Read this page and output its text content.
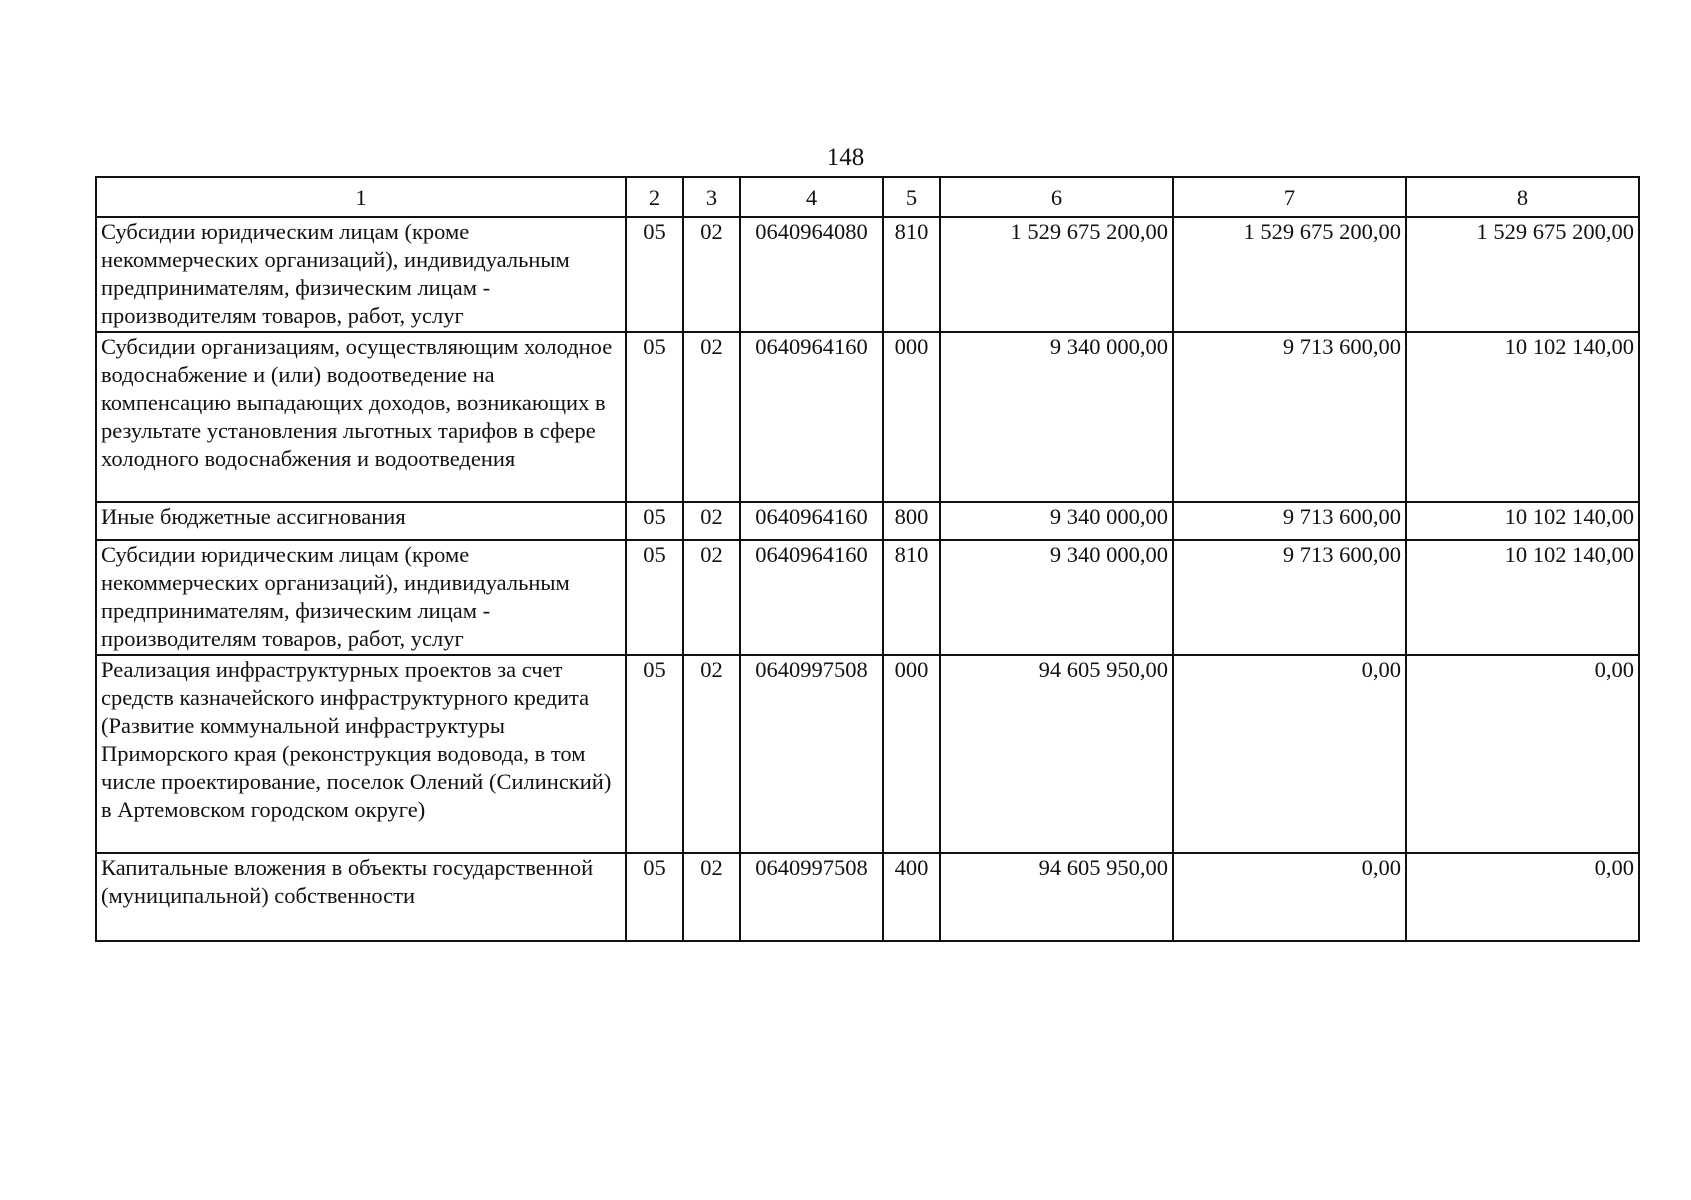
148
1	2	3	4	5	6	7	8
Субсидии юридическим лицам (кроме некоммерческих организаций), индивидуальным предпринимателям, физическим лицам - производителям товаров, работ, услуг	05	02	0640964080	810	1 529 675 200,00	1 529 675 200,00	1 529 675 200,00
Субсидии организациям, осуществляющим холодное водоснабжение и (или) водоотведение на компенсацию выпадающих доходов, возникающих в результате установления льготных тарифов в сфере холодного водоснабжения и водоотведения	05	02	0640964160	000	9 340 000,00	9 713 600,00	10 102 140,00
Иные бюджетные ассигнования	05	02	0640964160	800	9 340 000,00	9 713 600,00	10 102 140,00
Субсидии юридическим лицам (кроме некоммерческих организаций), индивидуальным предпринимателям, физическим лицам - производителям товаров, работ, услуг	05	02	0640964160	810	9 340 000,00	9 713 600,00	10 102 140,00
Реализация инфраструктурных проектов за счет средств казначейского инфраструктурного кредита (Развитие коммунальной инфраструктуры Приморского края (реконструкция водовода, в том числе проектирование, поселок Олений (Силинский) в Артемовском городском округе)	05	02	0640997508	000	94 605 950,00	0,00	0,00
Капитальные вложения в объекты государственной (муниципальной) собственности	05	02	0640997508	400	94 605 950,00	0,00	0,00
